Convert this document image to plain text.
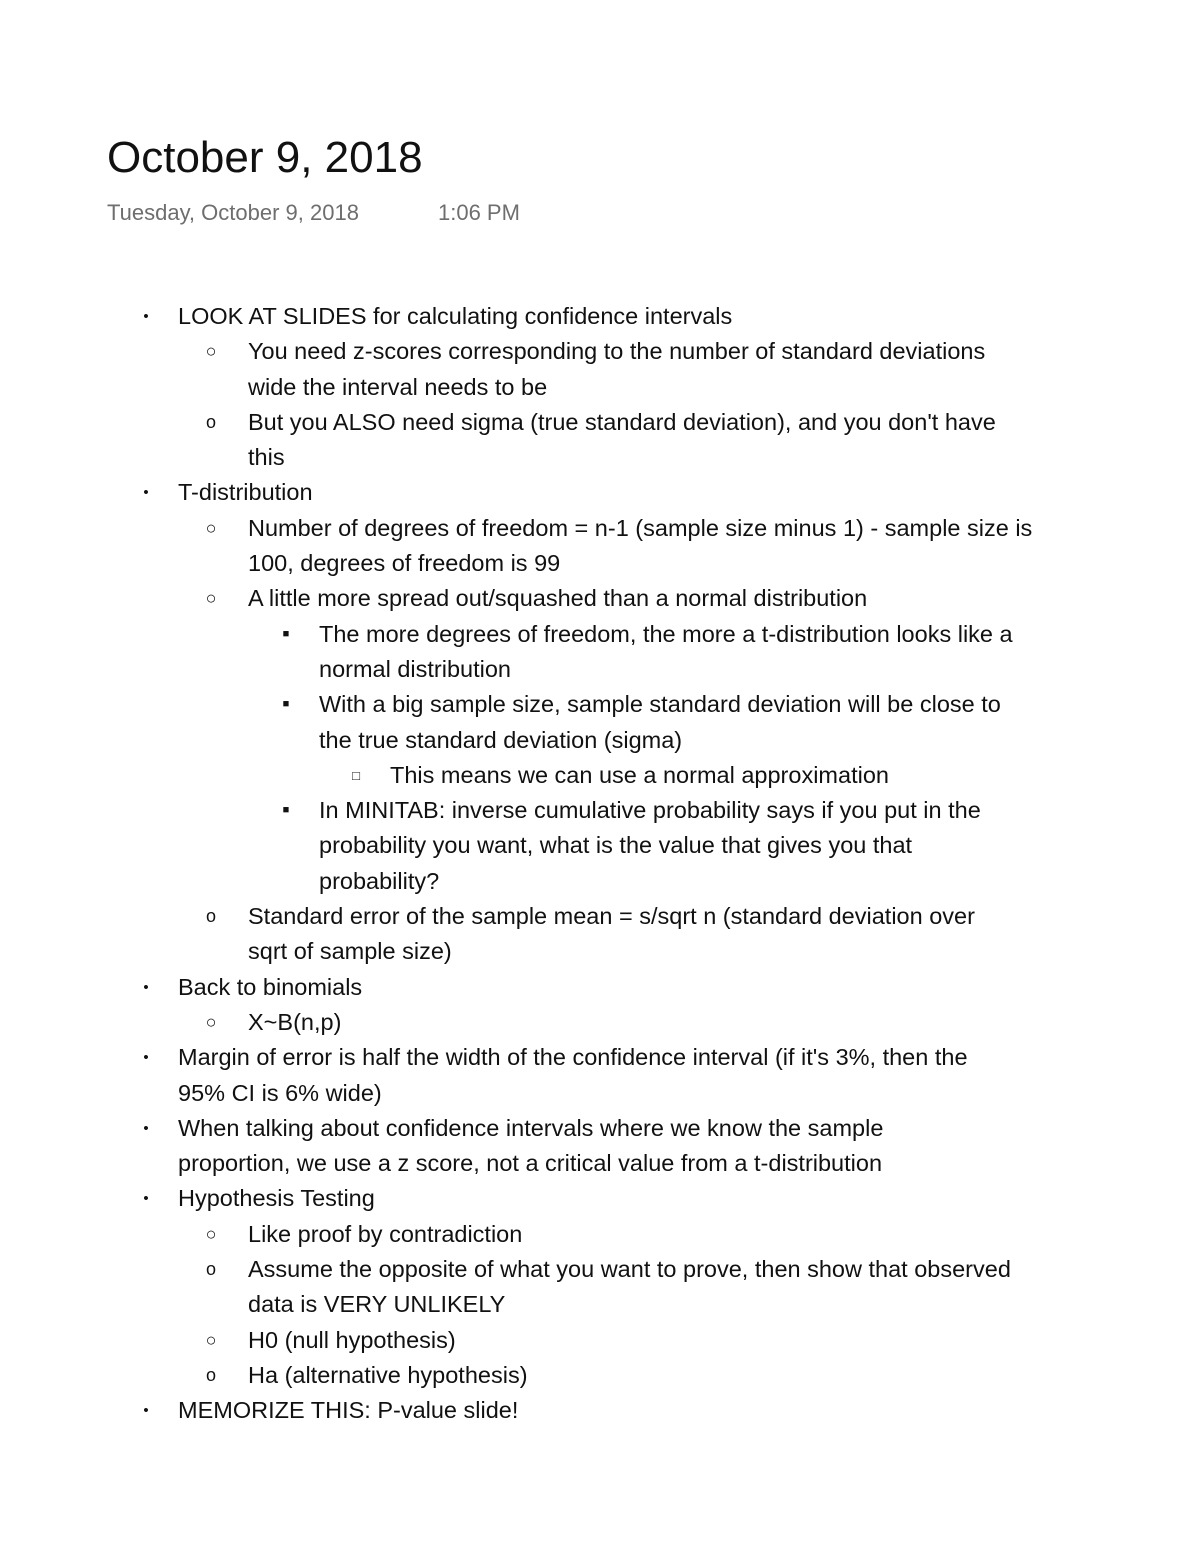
October 9, 2018
Tuesday, October 9, 2018	1:06 PM
•	LOOK AT SLIDES for calculating confidence intervals
○	You need z-scores corresponding to the number of standard deviations
wide the interval needs to be
o	But you ALSO need sigma (true standard deviation), and you don't have
this
•	T-distribution
○	Number of degrees of freedom = n-1 (sample size minus 1) - sample size is
100, degrees of freedom is 99
○	A little more spread out/squashed than a normal distribution
■	The more degrees of freedom, the more a t-distribution looks like a
normal distribution
■	With a big sample size, sample standard deviation will be close to
the true standard deviation (sigma)
□	This means we can use a normal approximation
■	In MINITAB: inverse cumulative probability says if you put in the
probability you want, what is the value that gives you that
probability?
o	Standard error of the sample mean = s/sqrt n (standard deviation over
sqrt of sample size)
•	Back to binomials
○	X~B(n,p)
•	Margin of error is half the width of the confidence interval (if it's 3%, then the
95% CI is 6% wide)
•	When talking about confidence intervals where we know the sample
proportion, we use a z score, not a critical value from a t-distribution
•	Hypothesis Testing
○	Like proof by contradiction
o	Assume the opposite of what you want to prove, then show that observed
data is VERY UNLIKELY
○	H0 (null hypothesis)
o	Ha (alternative hypothesis)
•	MEMORIZE THIS: P-value slide!
